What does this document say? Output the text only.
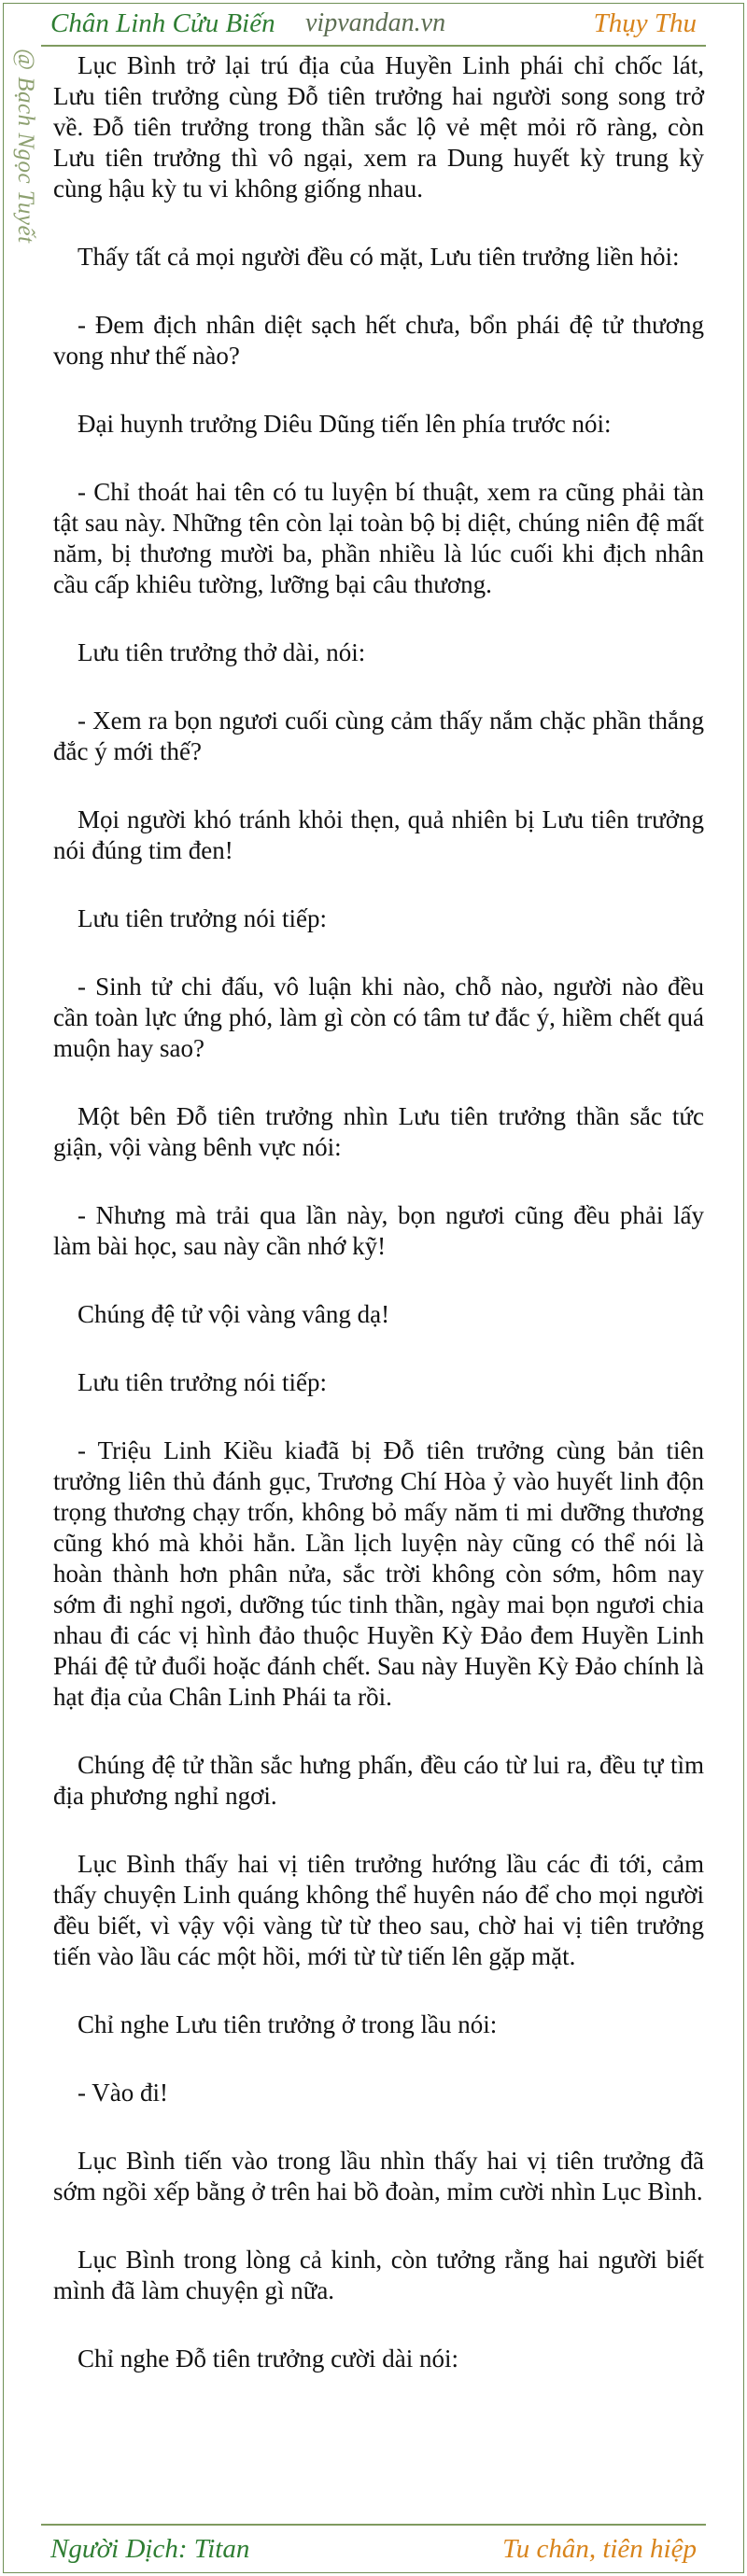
Chân Linh Cửu Biến vipvandan.vn	Thụy Thu
@ Bạch Ngọc Tuyết	Lục Bình trở lại trú địa của Huyền Linh phái chỉ chốc lát, Lưu tiên trưởng cùng Đỗ tiên trưởng hai người song song trở về. Đỗ tiên trưởng trong thần sắc lộ vẻ mệt mỏi rõ ràng, còn Lưu tiên trưởng thì vô ngại, xem ra Dung huyết kỳ trung kỳ cùng hậu kỳ tu vi không giống nhau.

Thấy tất cả mọi người đều có mặt, Lưu tiên trưởng liền hỏi:

- Đem địch nhân diệt sạch hết chưa, bổn phái đệ tử thương vong như thế nào?

Đại huynh trưởng Diêu Dũng tiến lên phía trước nói:

- Chỉ thoát hai tên có tu luyện bí thuật, xem ra cũng phải tàn tật sau này. Những tên còn lại toàn bộ bị diệt, chúng niên đệ mất năm, bị thương mười ba, phần nhiều là lúc cuối khi địch nhân cầu cấp khiêu tường, lưỡng bại câu thương.

Lưu tiên trưởng thở dài, nói:

- Xem ra bọn ngươi cuối cùng cảm thấy nắm chặc phần thắng đắc ý mới thế?

Mọi người khó tránh khỏi thẹn, quả nhiên bị Lưu tiên trưởng nói đúng tim đen!

Lưu tiên trưởng nói tiếp:

- Sinh tử chi đấu, vô luận khi nào, chỗ nào, người nào đều cần toàn lực ứng phó, làm gì còn có tâm tư đắc ý, hiềm chết quá muộn hay sao?

Một bên Đỗ tiên trưởng nhìn Lưu tiên trưởng thần sắc tức giận, vội vàng bênh vực nói:

- Nhưng mà trải qua lần này, bọn ngươi cũng đều phải lấy làm bài học, sau này cần nhớ kỹ!

Chúng đệ tử vội vàng vâng dạ!

Lưu tiên trưởng nói tiếp:

- Triệu Linh Kiều kiađã bị Đỗ tiên trưởng cùng bản tiên trưởng liên thủ đánh gục, Trương Chí Hòa ỷ vào huyết linh độn trọng thương chạy trốn, không bỏ mấy năm ti mi dưỡng thương cũng khó mà khỏi hẳn. Lần lịch luyện này cũng có thể nói là hoàn thành hơn phân nửa, sắc trời không còn sớm, hôm nay sớm đi nghỉ ngơi, dưỡng túc tinh thần, ngày mai bọn ngươi chia nhau đi các vị hình đảo thuộc Huyền Kỳ Đảo đem Huyền Linh Phái đệ tử đuổi hoặc đánh chết. Sau này Huyền Kỳ Đảo chính là hạt địa của Chân Linh Phái ta rồi.

Chúng đệ tử thần sắc hưng phấn, đều cáo từ lui ra, đều tự tìm địa phương nghỉ ngơi.

Lục Bình thấy hai vị tiên trưởng hướng lầu các đi tới, cảm thấy chuyện Linh quáng không thể huyên náo để cho mọi người đều biết, vì vậy vội vàng từ từ theo sau, chờ hai vị tiên trưởng tiến vào lầu các một hồi, mới từ từ tiến lên gặp mặt.

Chỉ nghe Lưu tiên trưởng ở trong lầu nói:

- Vào đi!

Lục Bình tiến vào trong lầu nhìn thấy hai vị tiên trưởng đã sớm ngồi xếp bằng ở trên hai bồ đoàn, mỉm cười nhìn Lục Bình.

Lục Bình trong lòng cả kinh, còn tưởng rằng hai người biết mình đã làm chuyện gì nữa.

Chỉ nghe Đỗ tiên trưởng cười dài nói:

Người Dịch: Titan	Tu chân, tiên hiệp
